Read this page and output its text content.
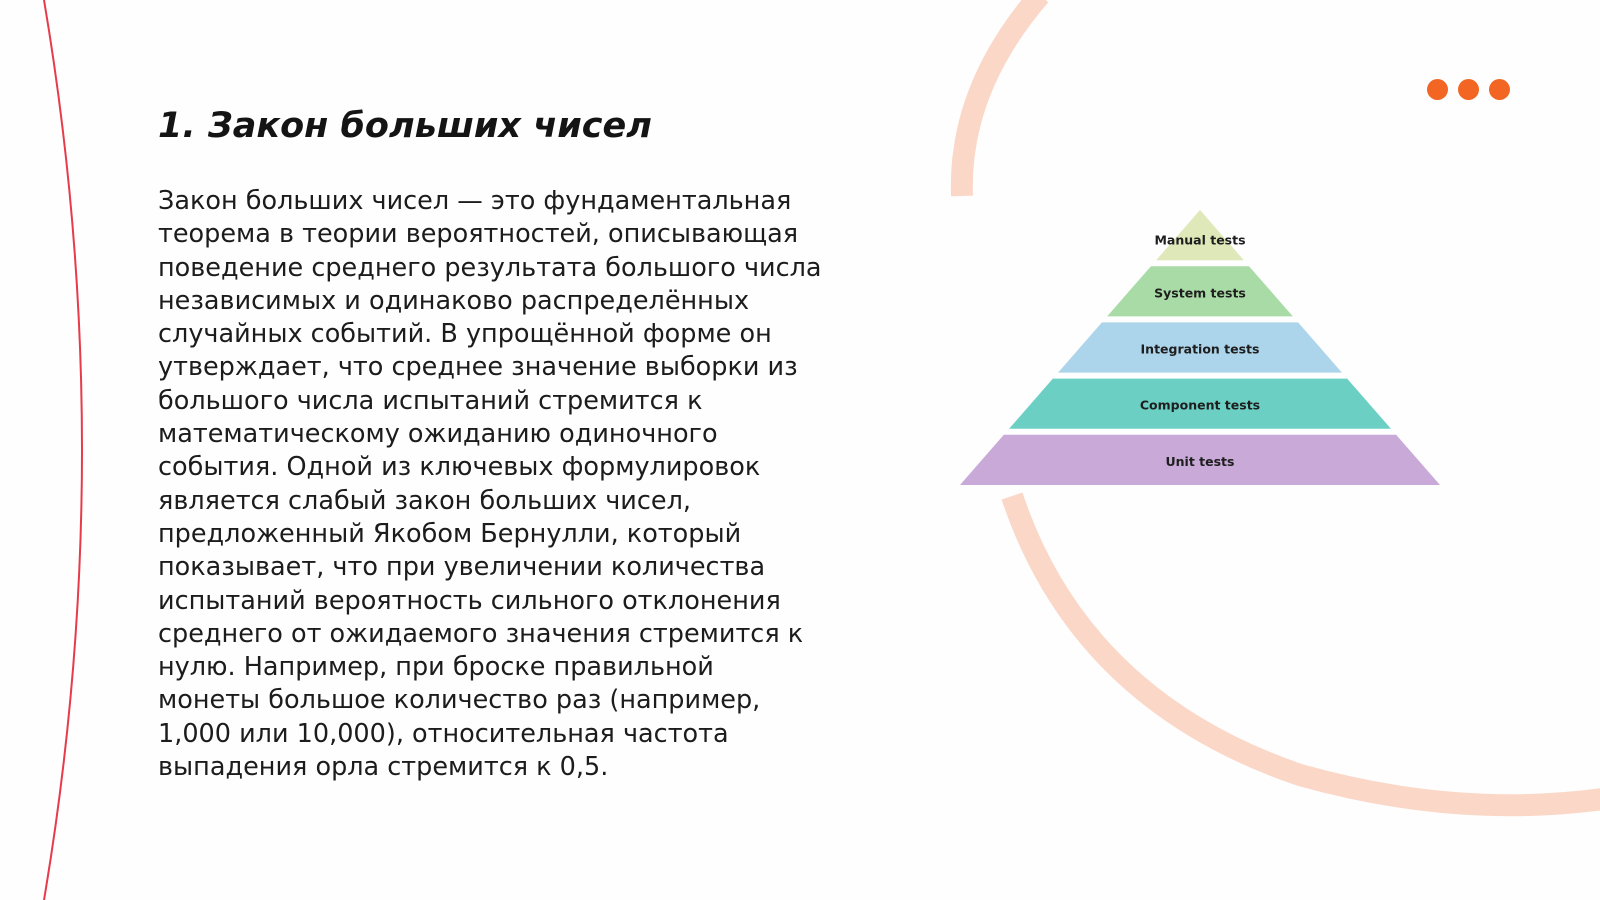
1. Закон больших чисел

Закон больших чисел — это фундаментальная
теорема в теории вероятностей, описывающая
поведение среднего результата большого числа
независимых и одинаково распределённых
случайных событий. В упрощённой форме он
утверждает, что среднее значение выборки из
большого числа испытаний стремится к
математическому ожиданию одиночного
события. Одной из ключевых формулировок
является слабый закон больших чисел,
предложенный Якобом Бернулли, который
показывает, что при увеличении количества
испытаний вероятность сильного отклонения
среднего от ожидаемого значения стремится к
нулю. Например, при броске правильной
монеты большое количество раз (например,
1,000 или 10,000), относительная частота
выпадения орла стремится к 0,5.

Manual tests
System tests
Integration tests
Component tests
Unit tests
